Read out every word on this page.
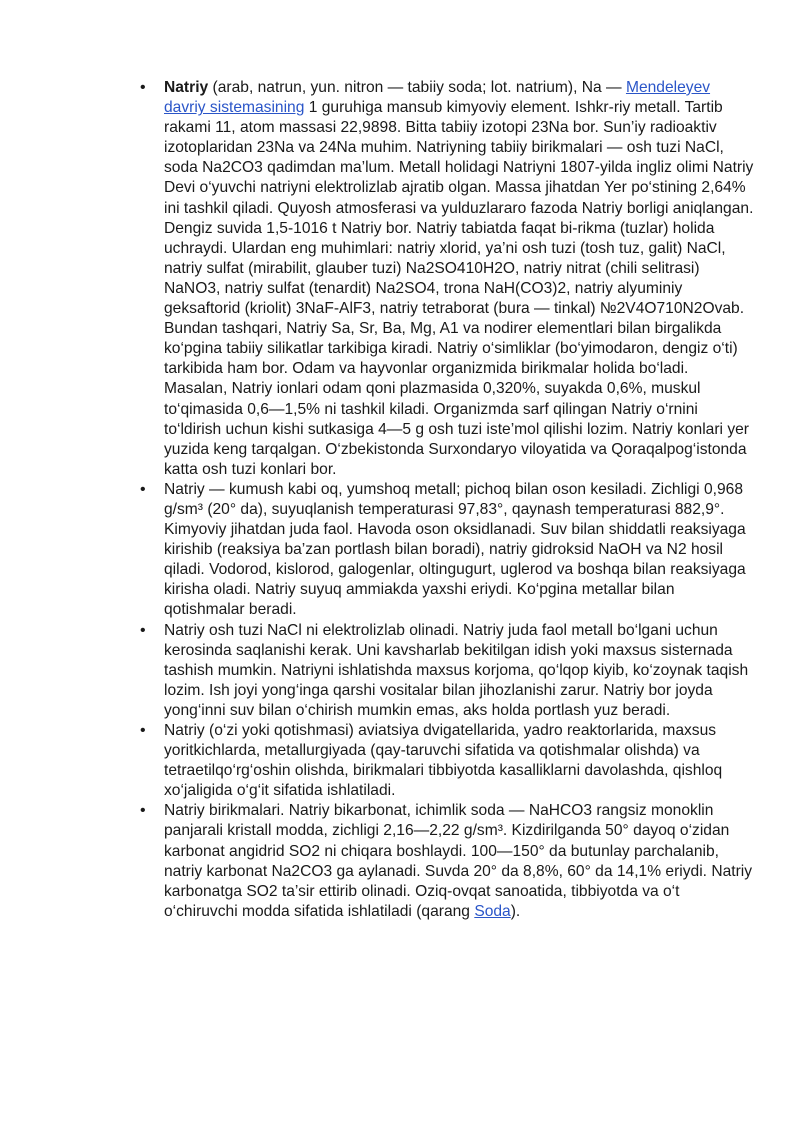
• Natriy (arab, natrun, yun. nitron — tabiiy soda; lot. natrium), Na — Mendeleyev davriy sistemasining 1 guruhiga mansub kimyoviy element. Ishkr-riy metall. Tartib rakami 11, atom massasi 22,9898. Bitta tabiiy izotopi 23Na bor. Sun’iy radioaktiv izotoplaridan 23Na va 24Na muhim. Natriyning tabiiy birikmalari — osh tuzi NaCl, soda Na2CO3 qadimdan ma’lum. Metall holidagi Natriyni 1807-yilda ingliz olimi Natriy Devi o‘yuvchi natriyni elektrolizlab ajratib olgan. Massa jihatdan Yer po‘stining 2,64% ini tashkil qiladi. Quyosh atmosferasi va yulduzlararo fazoda Natriy borligi aniqlangan. Dengiz suvida 1,5-1016 t Natriy bor. Natriy tabiatda faqat bi-rikma (tuzlar) holida uchraydi. Ulardan eng muhimlari: natriy xlorid, ya’ni osh tuzi (tosh tuz, galit) NaCl, natriy sulfat (mirabilit, glauber tuzi) Na2SO410H2O, natriy nitrat (chili selitrasi) NaNO3, natriy sulfat (tenardit) Na2SO4, trona NaH(CO3)2, natriy alyuminiy geksaftorid (kriolit) 3NaF-AlF3, natriy tetraborat (bura — tinkal) №2V4O710N2Ovab. Bundan tashqari, Natriy Sa, Sr, Ba, Mg, A1 va nodirer elementlari bilan birgalikda ko‘pgina tabiiy silikatlar tarkibiga kiradi. Natriy o‘simliklar (bo‘yimodaron, dengiz o‘ti) tarkibida ham bor. Odam va hayvonlar organizmida birikmalar holida bo‘ladi. Masalan, Natriy ionlari odam qoni plazmasida 0,320%, suyakda 0,6%, muskul to‘qimasida 0,6—1,5% ni tashkil kiladi. Organizmda sarf qilingan Natriy o‘rnini to‘ldirish uchun kishi sutkasiga 4—5 g osh tuzi iste’mol qilishi lozim. Natriy konlari yer yuzida keng tarqalgan. O‘zbekistonda Surxondaryo viloyatida va Qoraqalpog‘istonda katta osh tuzi konlari bor.
• Natriy — kumush kabi oq, yumshoq metall; pichoq bilan oson kesiladi. Zichligi 0,968 g/sm³ (20° da), suyuqlanish temperaturasi 97,83°, qaynash temperaturasi 882,9°. Kimyoviy jihatdan juda faol. Havoda oson oksidlanadi. Suv bilan shiddatli reaksiyaga kirishib (reaksiya ba’zan portlash bilan boradi), natriy gidroksid NaOH va N2 hosil qiladi. Vodorod, kislorod, galogenlar, oltingugurt, uglerod va boshqa bilan reaksiyaga kirisha oladi. Natriy suyuq ammiakda yaxshi eriydi. Ko‘pgina metallar bilan qotishmalar beradi.
• Natriy osh tuzi NaCl ni elektrolizlab olinadi. Natriy juda faol metall bo‘lgani uchun kerosinda saqlanishi kerak. Uni kavsharlab bekitilgan idish yoki maxsus sisternada tashish mumkin. Natriyni ishlatishda maxsus korjoma, qo‘lqop kiyib, ko‘zoynak taqish lozim. Ish joyi yong‘inga qarshi vositalar bilan jihozlanishi zarur. Natriy bor joyda yong‘inni suv bilan o‘chirish mumkin emas, aks holda portlash yuz beradi.
• Natriy (o‘zi yoki qotishmasi) aviatsiya dvigatellarida, yadro reaktorlarida, maxsus yoritkichlarda, metallurgiyada (qay-taruvchi sifatida va qotishmalar olishda) va tetraetilqo‘rg‘oshin olishda, birikmalari tibbiyotda kasalliklarni davolashda, qishloq xo‘jaligida o‘g‘it sifatida ishlatiladi.
• Natriy birikmalari. Natriy bikarbonat, ichimlik soda — NaHCO3 rangsiz monoklin panjarali kristall modda, zichligi 2,16—2,22 g/sm³. Kizdirilganda 50° dayoq o‘zidan karbonat angidrid SO2 ni chiqara boshlaydi. 100—150° da butunlay parchalanib, natriy karbonat Na2CO3 ga aylanadi. Suvda 20° da 8,8%, 60° da 14,1% eriydi. Natriy karbonatga SO2 ta’sir ettirib olinadi. Oziq-ovqat sanoatida, tibbiyotda va o‘t o‘chiruvchi modda sifatida ishlatiladi (qarang Soda).
